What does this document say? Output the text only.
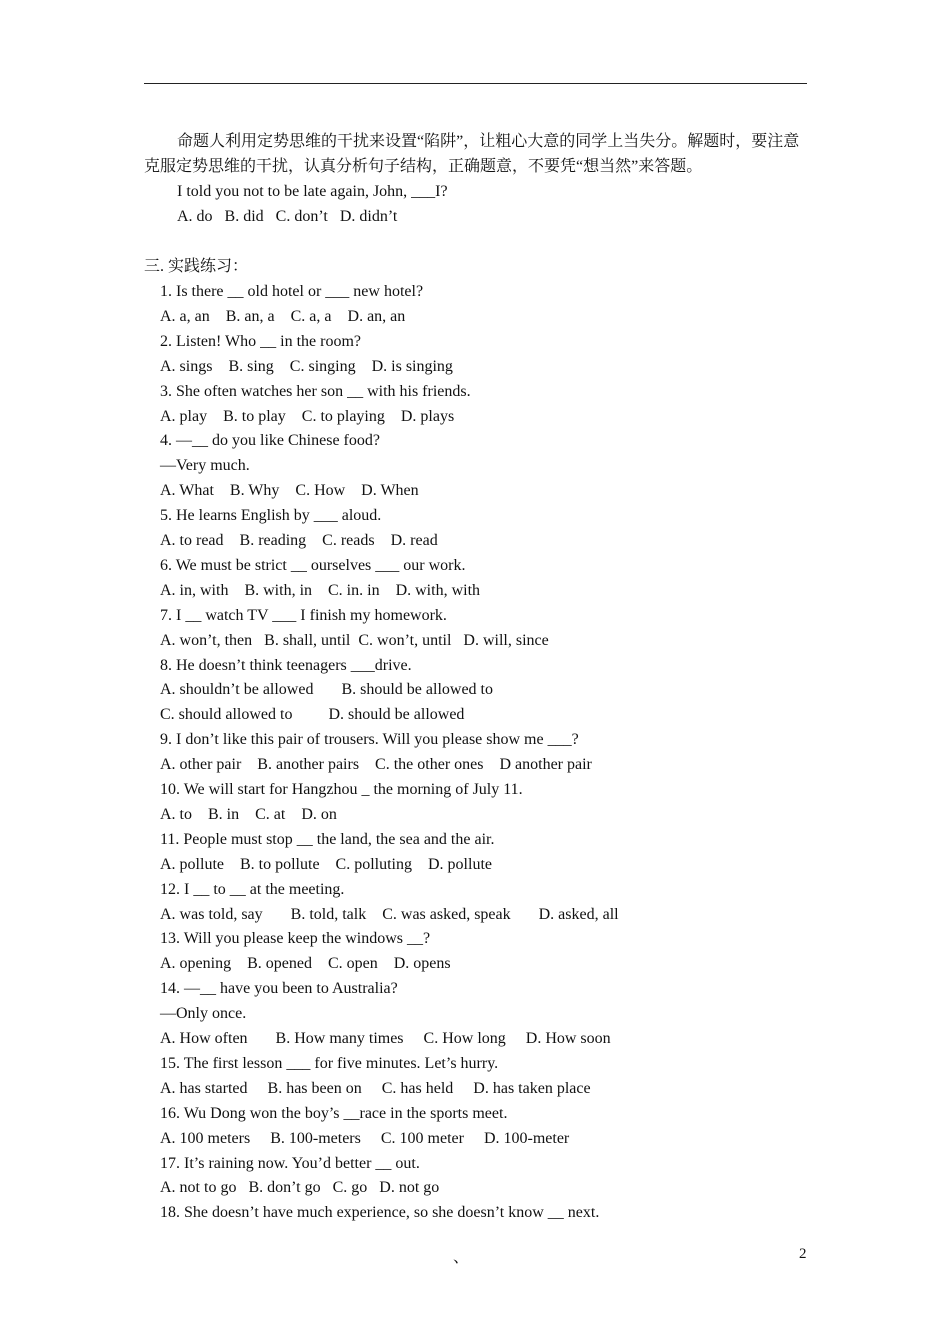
命题人利用定势思维的干扰来设置“陷阱”，让粗心大意的同学上当失分。解题时，要注意克服定势思维的干扰，认真分析句子结构，正确题意，不要凭“想当然”来答题。
I told you not to be late again, John, ___I?
A. do   B. did   C. don’t   D. didn’t
三. 实践练习：
1. Is there __ old hotel or ___ new hotel?
A. a, an    B. an, a    C. a, a    D. an, an
2. Listen! Who __ in the room?
A. sings    B. sing    C. singing    D. is singing
3. She often watches her son __ with his friends.
A. play    B. to play    C. to playing    D. plays
4. —__ do you like Chinese food?
—Very much.
A. What    B. Why    C. How    D. When
5. He learns English by ___ aloud.
A. to read    B. reading    C. reads    D. read
6. We must be strict __ ourselves ___ our work.
A. in, with    B. with, in    C. in. in    D. with, with
7. I __ watch TV ___ I finish my homework.
A. won’t, then   B. shall, until  C. won’t, until   D. will, since
8. He doesn’t think teenagers ___drive.
A. shouldn’t be allowed       B. should be allowed to
C. should allowed to         D. should be allowed
9. I don’t like this pair of trousers. Will you please show me ___?
A. other pair    B. another pairs    C. the other ones    D another pair
10. We will start for Hangzhou _ the morning of July 11.
A. to    B. in    C. at    D. on
11. People must stop __ the land, the sea and the air.
A. pollute    B. to pollute    C. polluting    D. pollute
12. I __ to __ at the meeting.
A. was told, say       B. told, talk    C. was asked, speak       D. asked, all
13. Will you please keep the windows __?
A. opening    B. opened    C. open    D. opens
14. —__ have you been to Australia?
—Only once.
A. How often       B. How many times     C. How long     D. How soon
15. The first lesson ___ for five minutes. Let’s hurry.
A. has started     B. has been on     C. has held     D. has taken place
16. Wu Dong won the boy’s __race in the sports meet.
A. 100 meters     B. 100-meters     C. 100 meter     D. 100-meter
17. It’s raining now. You’d better __ out.
A. not to go   B. don’t go   C. go   D. not go
18. She doesn’t have much experience, so she doesn’t know __ next.
、	2
